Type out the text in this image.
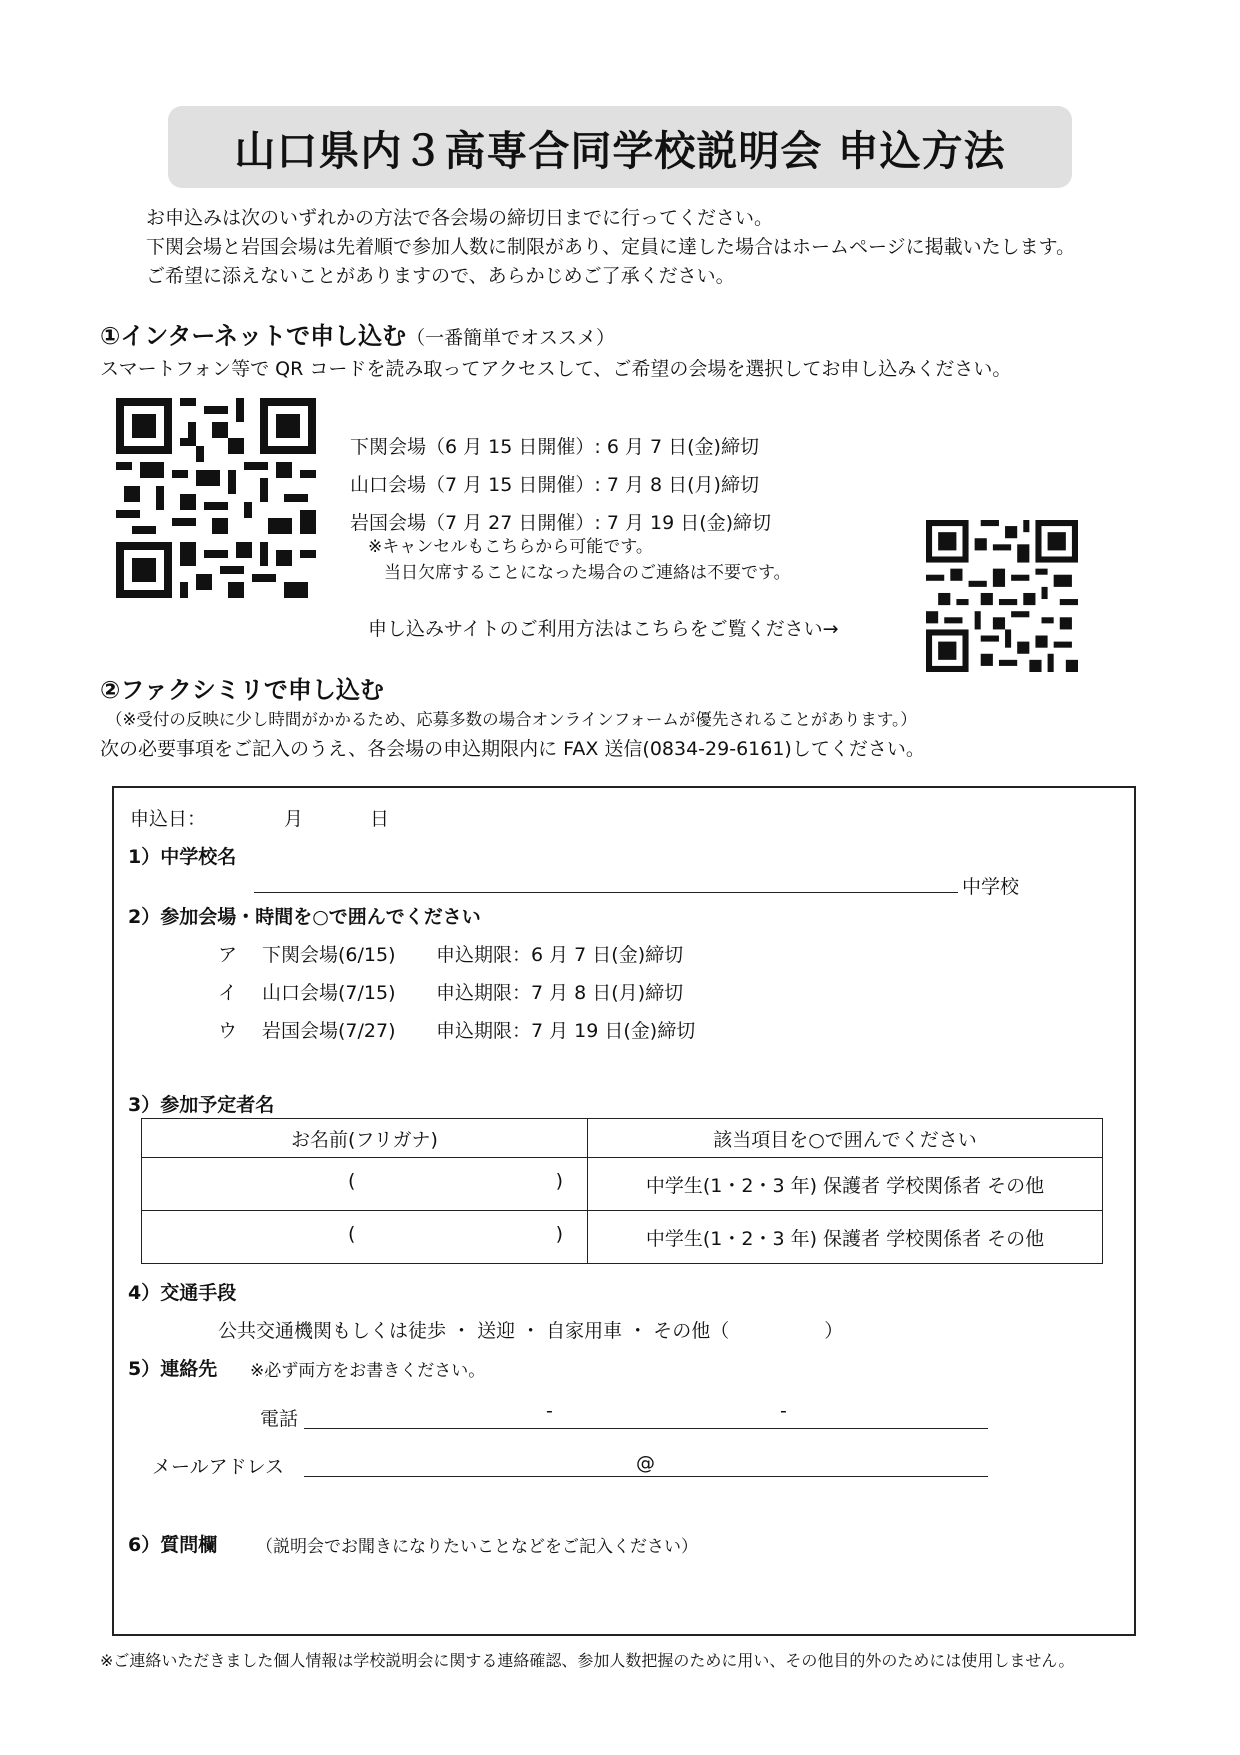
山口県内３高専合同学校説明会 申込方法
お申込みは次のいずれかの方法で各会場の締切日までに行ってください。
下関会場と岩国会場は先着順で参加人数に制限があり、定員に達した場合はホームページに掲載いたします。
ご希望に添えないことがありますので、あらかじめご了承ください。
①インターネットで申し込む（一番簡単でオススメ）
スマートフォン等で QR コードを読み取ってアクセスして、ご希望の会場を選択してお申し込みください。
下関会場（6 月 15 日開催）: 6 月 7 日(金)締切
山口会場（7 月 15 日開催）: 7 月 8 日(月)締切
岩国会場（7 月 27 日開催）: 7 月 19 日(金)締切
※キャンセルもこちらから可能です。
当日欠席することになった場合のご連絡は不要です。
申し込みサイトのご利用方法はこちらをご覧ください→
②ファクシミリで申し込む
（※受付の反映に少し時間がかかるため、応募多数の場合オンラインフォームが優先されることがあります。）
次の必要事項をご記入のうえ、各会場の申込期限内に FAX 送信(0834-29-6161)してください。
申込日：	月	日
1）中学校名
中学校
2）参加会場・時間を○で囲んでください
ア 下関会場(6/15) 申込期限：6 月 7 日(金)締切
イ 山口会場(7/15) 申込期限：7 月 8 日(月)締切
ウ 岩国会場(7/27) 申込期限：7 月 19 日(金)締切
3）参加予定者名
お名前(フリガナ)	該当項目を○で囲んでください

( )	中学生(1・2・3 年) 保護者 学校関係者 その他

( )	中学生(1・2・3 年) 保護者 学校関係者 その他
4）交通手段
公共交通機関もしくは徒歩 ・ 送迎 ・ 自家用車 ・ その他（　　　　　）
5）連絡先 ※必ず両方をお書きください。
電話	-	-
メールアドレス	@
6）質問欄 （説明会でお聞きになりたいことなどをご記入ください）
※ご連絡いただきました個人情報は学校説明会に関する連絡確認、参加人数把握のために用い、その他目的外のためには使用しません。
